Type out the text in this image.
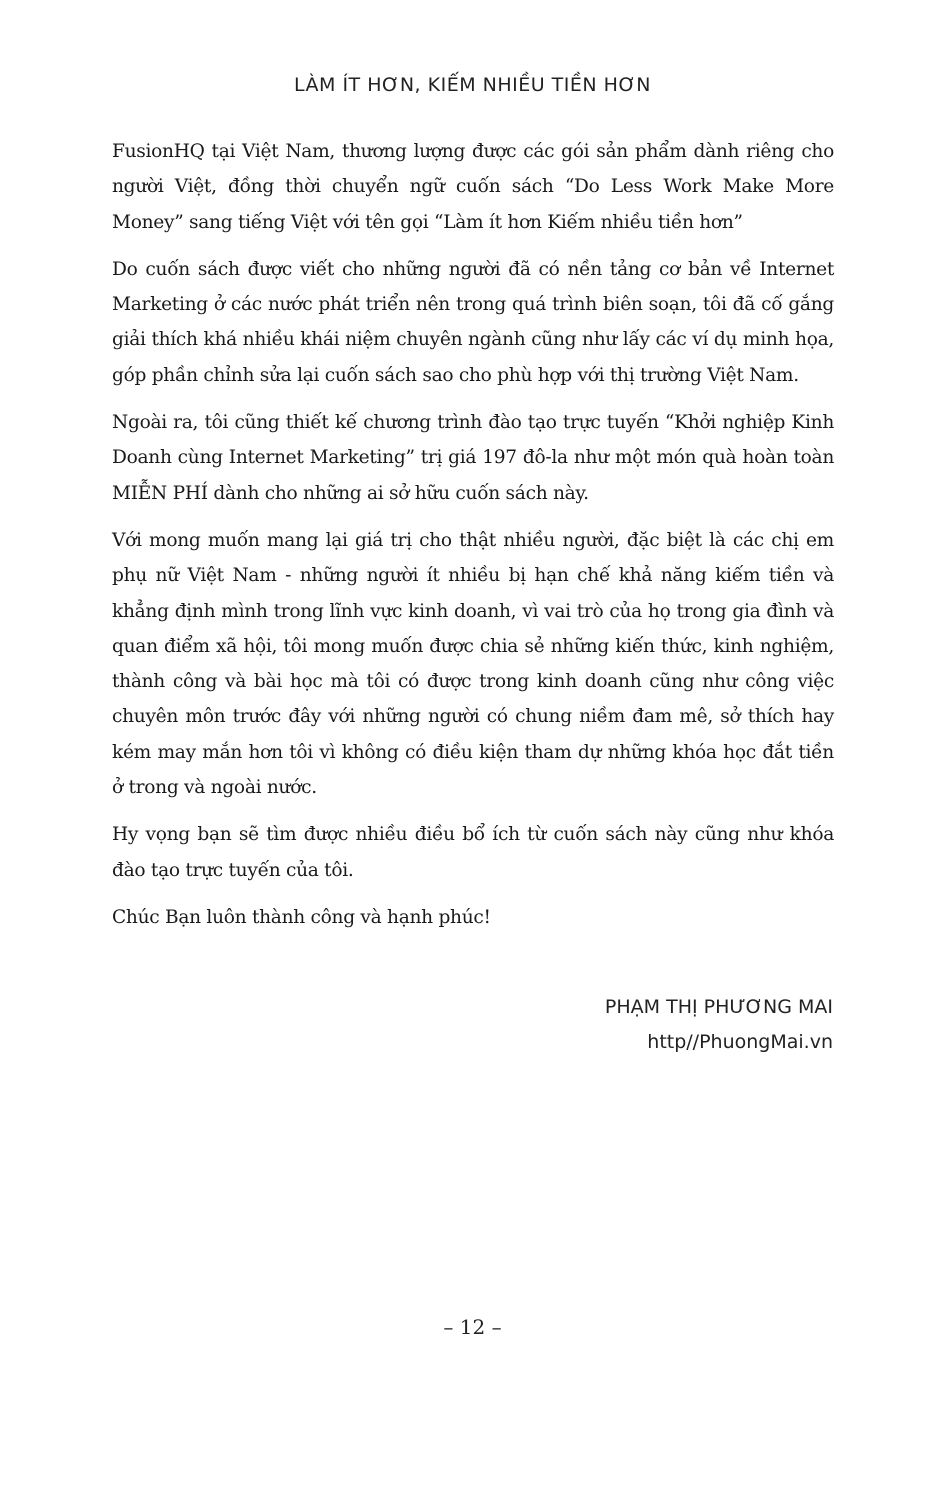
LÀM ÍT HƠN, KIẾM NHIỀU TIỀN HƠN

FusionHQ tại Việt Nam, thương lượng được các gói sản phẩm dành riêng cho người Việt, đồng thời chuyển ngữ cuốn sách “Do Less Work Make More Money” sang tiếng Việt với tên gọi “Làm ít hơn Kiếm nhiều tiền hơn”

Do cuốn sách được viết cho những người đã có nền tảng cơ bản về Internet Marketing ở các nước phát triển nên trong quá trình biên soạn, tôi đã cố gắng giải thích khá nhiều khái niệm chuyên ngành cũng như lấy các ví dụ minh họa, góp phần chỉnh sửa lại cuốn sách sao cho phù hợp với thị trường Việt Nam.

Ngoài ra, tôi cũng thiết kế chương trình đào tạo trực tuyến “Khởi nghiệp Kinh Doanh cùng Internet Marketing” trị giá 197 đô-la như một món quà hoàn toàn MIỄN PHÍ dành cho những ai sở hữu cuốn sách này.

Với mong muốn mang lại giá trị cho thật nhiều người, đặc biệt là các chị em phụ nữ Việt Nam - những người ít nhiều bị hạn chế khả năng kiếm tiền và khẳng định mình trong lĩnh vực kinh doanh, vì vai trò của họ trong gia đình và quan điểm xã hội, tôi mong muốn được chia sẻ những kiến thức, kinh nghiệm, thành công và bài học mà tôi có được trong kinh doanh cũng như công việc chuyên môn trước đây với những người có chung niềm đam mê, sở thích hay kém may mắn hơn tôi vì không có điều kiện tham dự những khóa học đắt tiền ở trong và ngoài nước.

Hy vọng bạn sẽ tìm được nhiều điều bổ ích từ cuốn sách này cũng như khóa đào tạo trực tuyến của tôi.

Chúc Bạn luôn thành công và hạnh phúc!

PHẠM THỊ PHƯƠNG MAI
http//PhuongMai.vn
– 12 –
